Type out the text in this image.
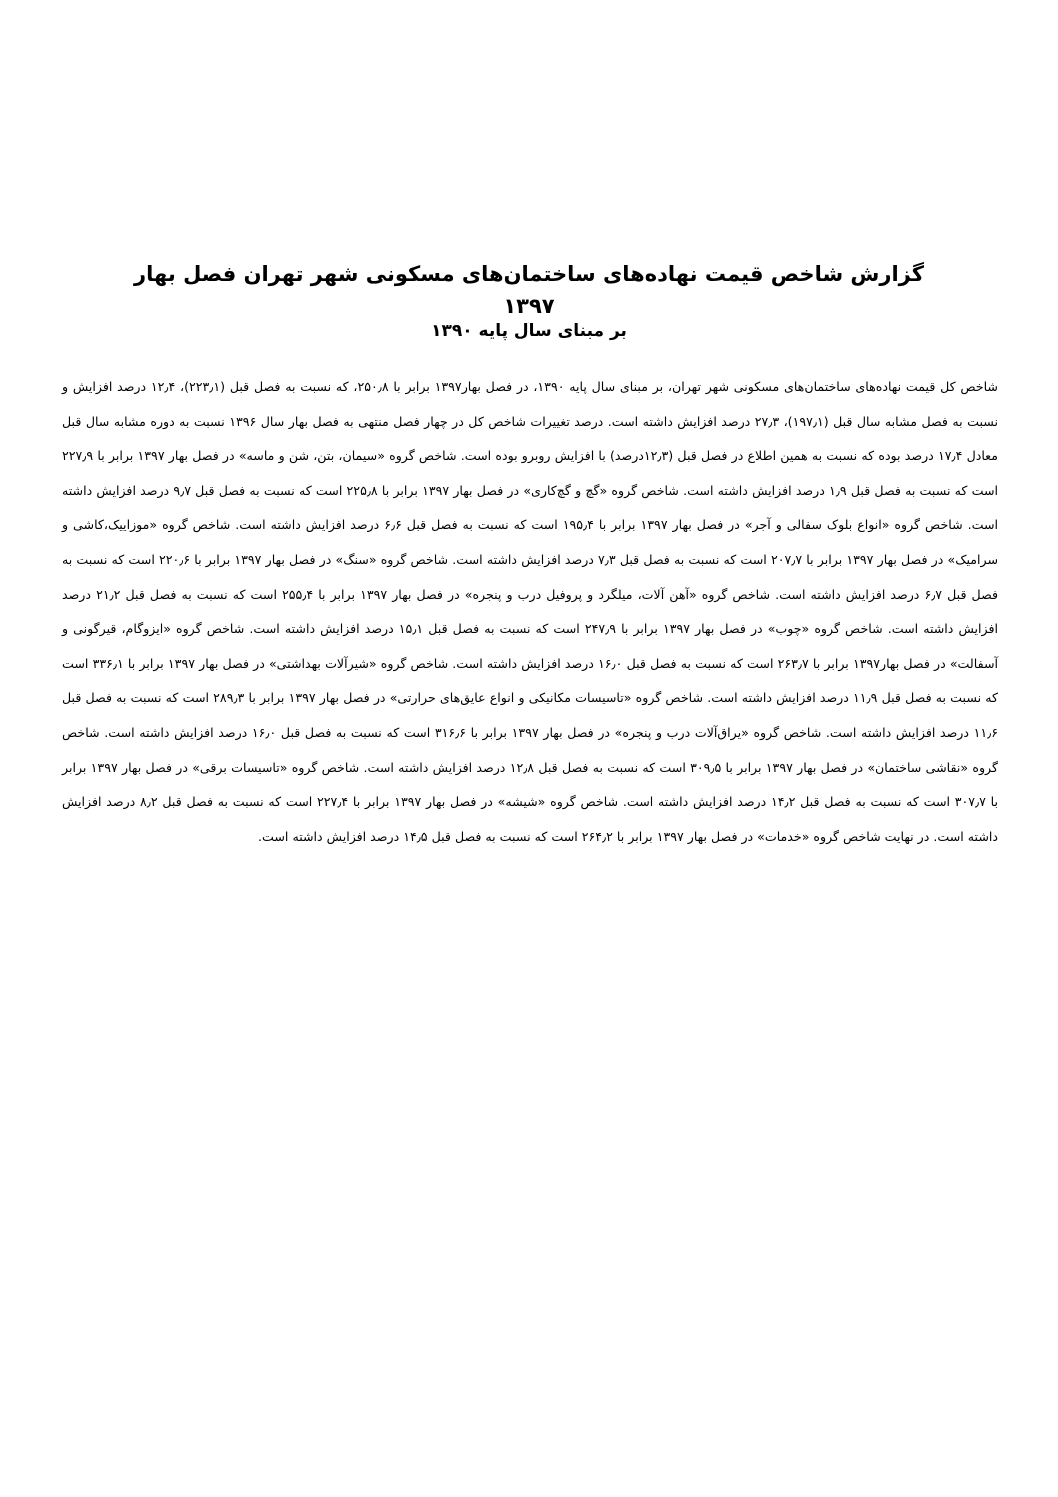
گزارش شاخص قیمت نهاده‌های ساختمان‌های مسکونی شهر تهران فصل بهار ۱۳۹۷
بر مبنای سال پایه ۱۳۹۰

شاخص کل قیمت نهاده‌های ساختمان‌های مسکونی شهر تهران، بر مبنای سال پایه ۱۳۹۰، در فصل بهار۱۳۹۷ برابر با ۲۵۰٫۸، که نسبت به فصل قبل (۲۲۳٫۱)، ۱۲٫۴ درصد افزایش و نسبت به فصل مشابه سال قبل (۱۹۷٫۱)، ۲۷٫۳ درصد افزایش داشته است. درصد تغییرات شاخص کل در چهار فصل منتهی به فصل بهار سال ۱۳۹۶ نسبت به دوره مشابه سال قبل معادل ۱۷٫۴ درصد بوده که نسبت به همین اطلاع در فصل قبل (۱۲٫۳درصد) با افزایش روبرو بوده است. شاخص گروه «سیمان، بتن، شن و ماسه» در فصل بهار ۱۳۹۷ برابر با ۲۲۷٫۹ است که نسبت به فصل قبل ۱٫۹ درصد افزایش داشته است. شاخص گروه «گچ و گچ‌کاری» در فصل بهار ۱۳۹۷ برابر با ۲۲۵٫۸ است که نسبت به فصل قبل ۹٫۷ درصد افزایش داشته است. شاخص گروه «انواع بلوک سفالی و آجر» در فصل بهار ۱۳۹۷ برابر با ۱۹۵٫۴ است که نسبت به فصل قبل ۶٫۶ درصد افزایش داشته است. شاخص گروه «موزاییک،کاشی و سرامیک» در فصل بهار ۱۳۹۷ برابر با ۲۰۷٫۷ است که نسبت به فصل قبل ۷٫۳ درصد افزایش داشته است. شاخص گروه «سنگ» در فصل بهار ۱۳۹۷ برابر با ۲۲۰٫۶ است که نسبت به فصل قبل ۶٫۷ درصد افزایش داشته است. شاخص گروه «آهن آلات، میلگرد و پروفیل درب و پنجره» در فصل بهار ۱۳۹۷ برابر با ۲۵۵٫۴ است که نسبت به فصل قبل ۲۱٫۲ درصد افزایش داشته است. شاخص گروه «چوب» در فصل بهار ۱۳۹۷ برابر با ۲۴۷٫۹ است که نسبت به فصل قبل ۱۵٫۱ درصد افزایش داشته است. شاخص گروه «ایزوگام، قیرگونی و آسفالت» در فصل بهار۱۳۹۷ برابر با ۲۶۳٫۷ است که نسبت به فصل قبل ۱۶٫۰ درصد افزایش داشته است. شاخص گروه «شیرآلات بهداشتی» در فصل بهار ۱۳۹۷ برابر با ۳۳۶٫۱ است که نسبت به فصل قبل ۱۱٫۹ درصد افزایش داشته است. شاخص گروه «تاسیسات مکانیکی و انواع عایق‌های حرارتی» در فصل بهار ۱۳۹۷ برابر با ۲۸۹٫۳ است که نسبت به فصل قبل ۱۱٫۶ درصد افزایش داشته است. شاخص گروه «یراق‌آلات درب و پنجره» در فصل بهار ۱۳۹۷ برابر با ۳۱۶٫۶ است که نسبت به فصل قبل ۱۶٫۰ درصد افزایش داشته است. شاخص گروه «نقاشی ساختمان» در فصل بهار ۱۳۹۷ برابر با ۳۰۹٫۵ است که نسبت به فصل قبل ۱۲٫۸ درصد افزایش داشته است. شاخص گروه «تاسیسات برقی» در فصل بهار ۱۳۹۷ برابر با ۳۰۷٫۷ است که نسبت به فصل قبل ۱۴٫۲ درصد افزایش داشته است. شاخص گروه «شیشه» در فصل بهار ۱۳۹۷ برابر با ۲۲۷٫۴ است که نسبت به فصل قبل ۸٫۲ درصد افزایش داشته است. در نهایت شاخص گروه «خدمات» در فصل بهار ۱۳۹۷ برابر با ۲۶۴٫۲ است که نسبت به فصل قبل ۱۴٫۵ درصد افزایش داشته است.
